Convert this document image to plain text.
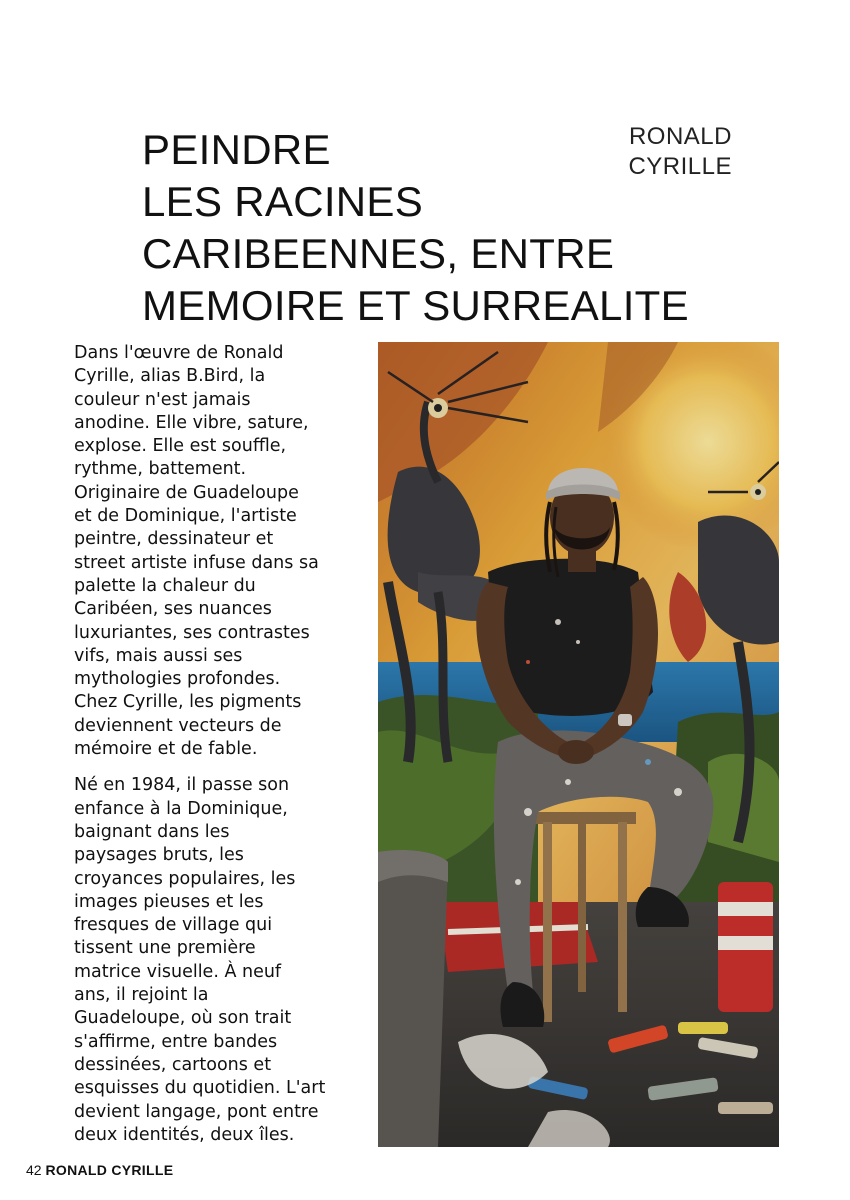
PEINDRE
LES RACINES
CARIBEENNES, ENTRE
MEMOIRE ET SURREALITE
RONALD
CYRILLE

Dans l'œuvre de Ronald
Cyrille, alias B.Bird, la
couleur n'est jamais
anodine. Elle vibre, sature,
explose. Elle est souffle,
rythme, battement.
Originaire de Guadeloupe
et de Dominique, l'artiste
peintre, dessinateur et
street artiste infuse dans sa
palette la chaleur du
Caribéen, ses nuances
luxuriantes, ses contrastes
vifs, mais aussi ses
mythologies profondes.
Chez Cyrille, les pigments
deviennent vecteurs de
mémoire et de fable.

Né en 1984, il passe son
enfance à la Dominique,
baignant dans les
paysages bruts, les
croyances populaires, les
images pieuses et les
fresques de village qui
tissent une première
matrice visuelle. À neuf
ans, il rejoint la
Guadeloupe, où son trait
s'affirme, entre bandes
dessinées, cartoons et
esquisses du quotidien. L'art
devient langage, pont entre
deux identités, deux îles.

42 RONALD CYRILLE
